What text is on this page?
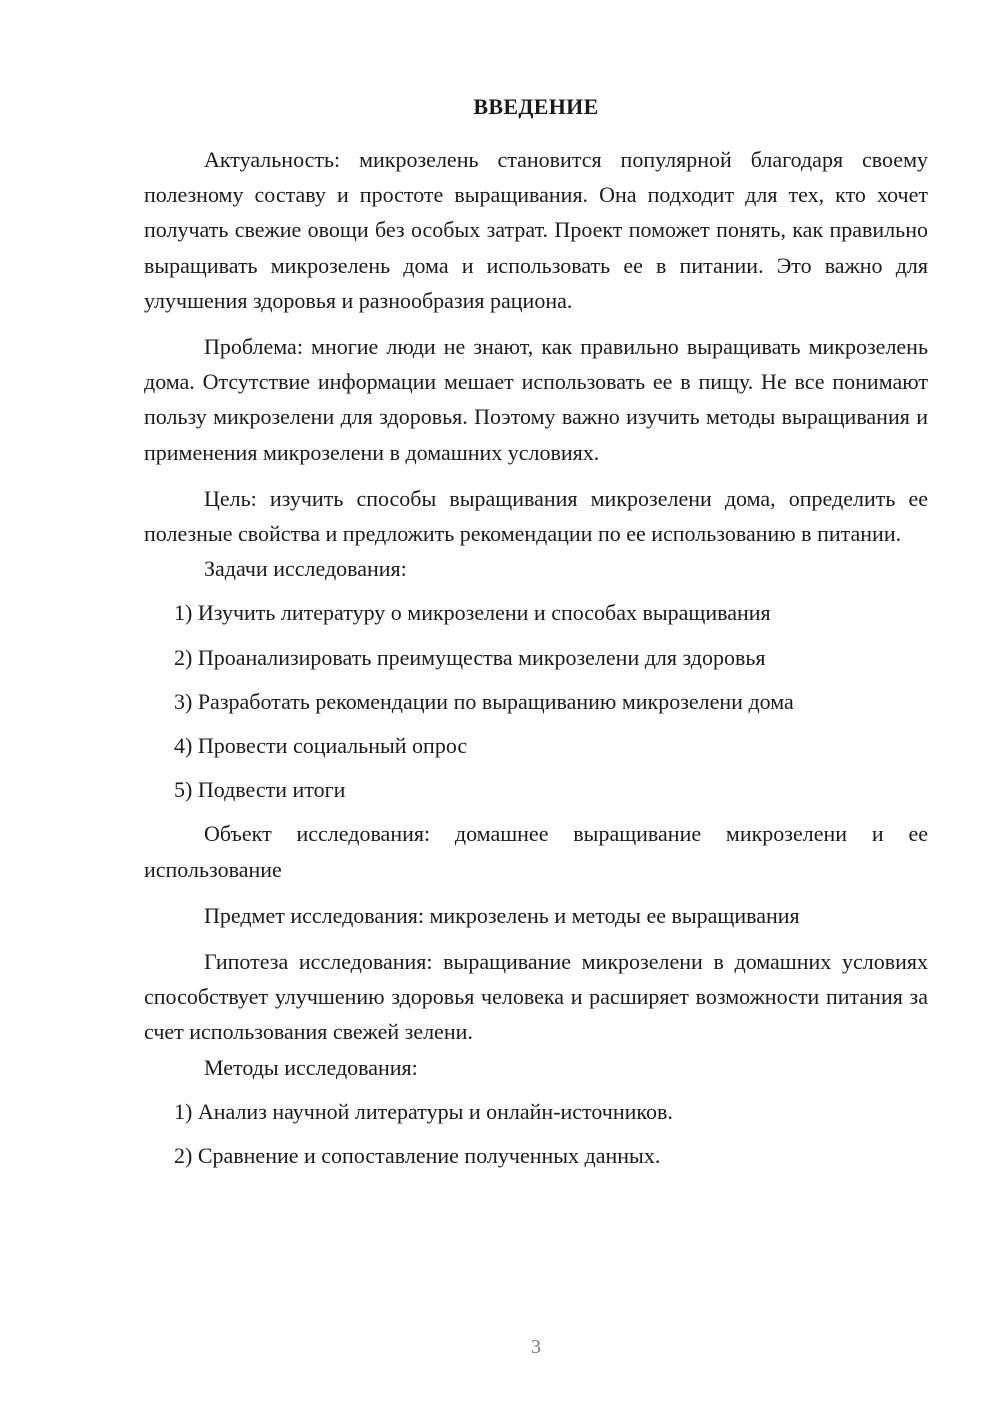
ВВЕДЕНИЕ

Актуальность: микрозелень становится популярной благодаря своему полезному составу и простоте выращивания. Она подходит для тех, кто хочет получать свежие овощи без особых затрат. Проект поможет понять, как правильно выращивать микрозелень дома и использовать ее в питании. Это важно для улучшения здоровья и разнообразия рациона.

Проблема: многие люди не знают, как правильно выращивать микрозелень дома. Отсутствие информации мешает использовать ее в пищу. Не все понимают пользу микрозелени для здоровья. Поэтому важно изучить методы выращивания и применения микрозелени в домашних условиях.

Цель: изучить способы выращивания микрозелени дома, определить ее полезные свойства и предложить рекомендации по ее использованию в питании.

Задачи исследования:

1) Изучить литературу о микрозелени и способах выращивания

2) Проанализировать преимущества микрозелени для здоровья

3) Разработать рекомендации по выращиванию микрозелени дома

4) Провести социальный опрос

5) Подвести итоги

Объект исследования: домашнее выращивание микрозелени и ее использование

Предмет исследования: микрозелень и методы ее выращивания

Гипотеза исследования: выращивание микрозелени в домашних условиях способствует улучшению здоровья человека и расширяет возможности питания за счет использования свежей зелени.

Методы исследования:

1) Анализ научной литературы и онлайн-источников.

2) Сравнение и сопоставление полученных данных.

3
